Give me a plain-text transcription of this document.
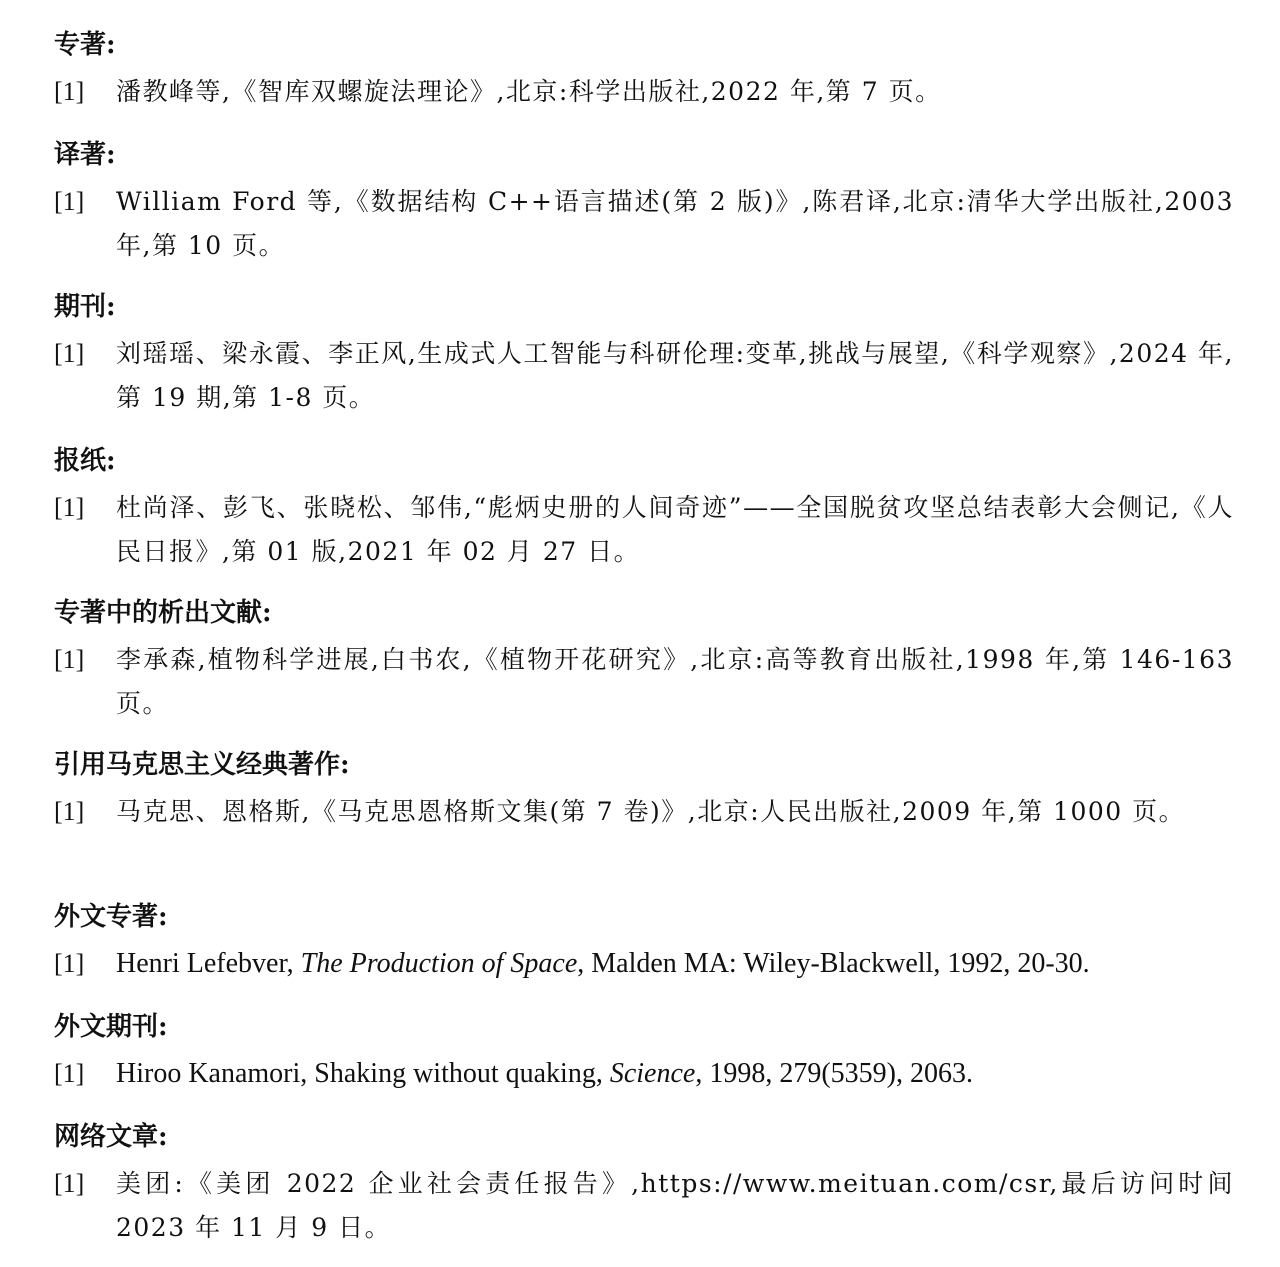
专著:
[1]	潘教峰等,《智库双螺旋法理论》,北京:科学出版社,2022 年,第 7 页。
译著:
[1]	William Ford 等,《数据结构 C++语言描述(第 2 版)》,陈君译,北京:清华大学出版社,2003 年,第 10 页。
期刊:
[1]	刘瑶瑶、梁永霞、李正风,生成式人工智能与科研伦理:变革,挑战与展望,《科学观察》,2024 年,第 19 期,第 1-8 页。
报纸:
[1]	杜尚泽、彭飞、张晓松、邹伟,“彪炳史册的人间奇迹”——全国脱贫攻坚总结表彰大会侧记,《人民日报》,第 01 版,2021 年 02 月 27 日。
专著中的析出文献:
[1]	李承森,植物科学进展,白书农,《植物开花研究》,北京:高等教育出版社,1998 年,第 146-163 页。
引用马克思主义经典著作:
[1]	马克思、恩格斯,《马克思恩格斯文集(第 7 卷)》,北京:人民出版社,2009 年,第 1000 页。
外文专著:
[1]	Henri Lefebver, The Production of Space, Malden MA: Wiley-Blackwell, 1992, 20-30.
外文期刊:
[1]	Hiroo Kanamori, Shaking without quaking, Science, 1998, 279(5359), 2063.
网络文章:
[1]	美团:《美团 2022 企业社会责任报告》,https://www.meituan.com/csr,最后访问时间 2023 年 11 月 9 日。
